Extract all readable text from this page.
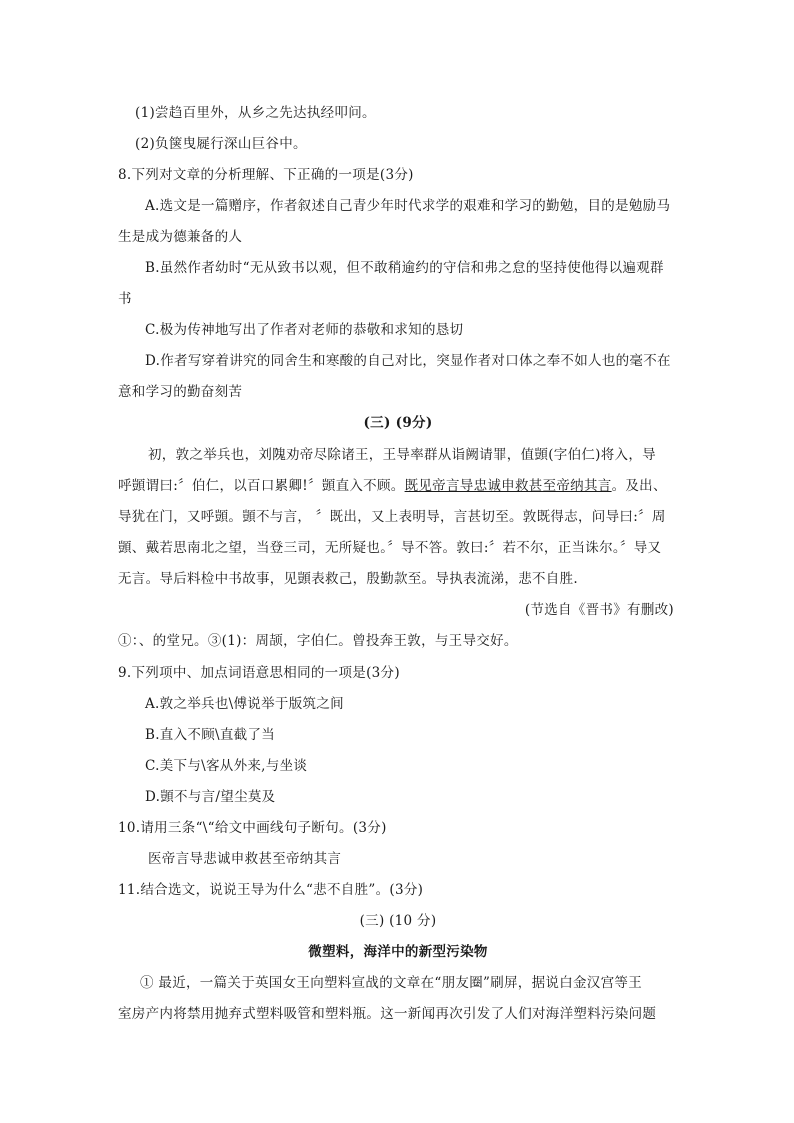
(1)尝趋百里外，从乡之先达执经叩问。
(2)负箧曳屣行深山巨谷中。
8.下列对文章的分析理解、下正确的一项是(3分)
A.选文是一篇赠序，作者叙述自己青少年时代求学的艰难和学习的勤勉，目的是勉励马
生是成为德兼备的人
B.虽然作者幼时“无从致书以观，但不敢稍逾约的守信和弗之怠的坚持使他得以遍观群
书
C.极为传神地写出了作者对老师的恭敬和求知的恳切
D.作者写穿着讲究的同舍生和寒酸的自己对比，突显作者对口体之奉不如人也的毫不在
意和学习的勤奋刻苦
(三) (9分)
初，敦之举兵也，刘隗劝帝尽除诸王，王导率群从诣阙请罪，值顗(字伯仁)将入，导
呼顗谓曰:〞伯仁，以百口累卿!〞顗直入不顾。既见帝言导忠诚申救甚至帝纳其言。及出、
导犹在门，又呼顗。顗不与言， 〞既出，又上表明导，言甚切至。敦既得志，问导曰:〞周
顗、戴若思南北之望，当登三司，无所疑也。〞导不答。敦曰:〞若不尔，正当诛尔。〞导又
无言。导后料检中书故事，见顗表救己，殷勤款至。导执表流涕，悲不自胜.
(节选自《晋书》有删改)
①：、的堂兄。③(1)：周颉，字伯仁。曾投奔王敦，与王导交好。
9.下列项中、加点词语意思相同的一项是(3分)
A.敦之举兵也\傅说举于版筑之间
B.直入不顾\直截了当
C.美下与\客从外来,与坐谈
D.顗不与言/望尘莫及
10.请用三条“\“给文中画线句子断句。(3分)
医帝言导悲诚申救甚至帝纳其言
11.结合选文，说说王导为什么“悲不自胜”。(3分)
(三) (10 分)
微塑料，海洋中的新型污染物
① 最近，一篇关于英国女王向塑料宣战的文章在“朋友圈”刷屏，据说白金汉宫等王
室房产内将禁用抛弃式塑料吸管和塑料瓶。这一新闻再次引发了人们对海洋塑料污染问题
